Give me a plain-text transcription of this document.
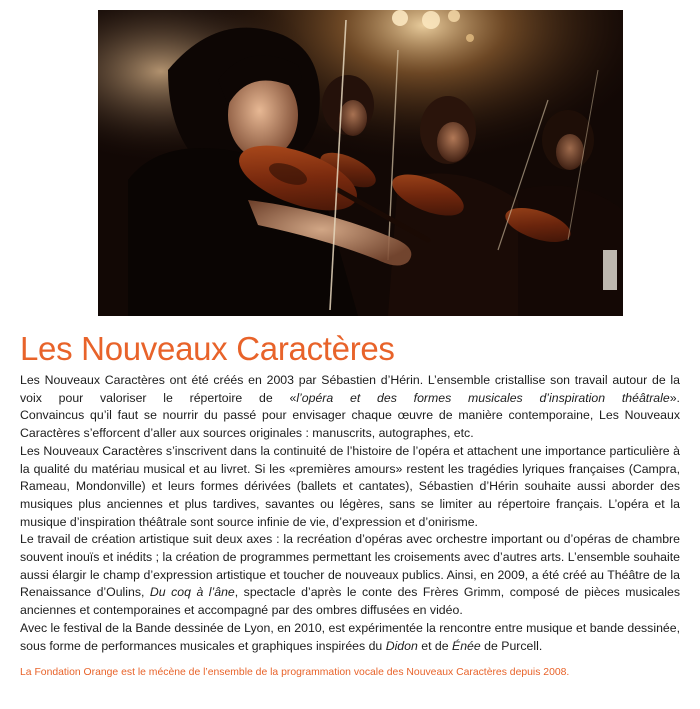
Les Nouveaux Caractères

Les Nouveaux Caractères ont été créés en 2003 par Sébastien d’Hérin. L’ensemble cristallise son travail autour de la voix pour valoriser le répertoire de «l’opéra et des formes musicales d’inspiration théâtrale».

Convaincus qu’il faut se nourrir du passé pour envisager chaque œuvre de manière contemporaine, Les Nouveaux Caractères s’efforcent d’aller aux sources originales : manuscrits, autographes, etc.

Les Nouveaux Caractères s’inscrivent dans la continuité de l’histoire de l’opéra et attachent une importance particulière à la qualité du matériau musical et au livret. Si les «premières amours» restent les tragédies lyriques françaises (Campra, Rameau, Mondonville) et leurs formes dérivées (ballets et cantates), Sébastien d’Hérin souhaite aussi aborder des musiques plus anciennes et plus tardives, savantes ou légères, sans se limiter au répertoire français. L’opéra et la musique d’inspiration théâtrale sont source infinie de vie, d’expression et d’onirisme.

Le travail de création artistique suit deux axes : la recréation d’opéras avec orchestre important ou d’opéras de chambre souvent inouïs et inédits ; la création de programmes permettant les croisements avec d’autres arts. L’ensemble souhaite aussi élargir le champ d’expression artistique et toucher de nouveaux publics. Ainsi, en 2009, a été créé au Théâtre de la Renaissance d’Oulins, Du coq à l’âne, spectacle d’après le conte des Frères Grimm, composé de pièces musicales anciennes et contemporaines et accompagné par des ombres diffusées en vidéo.

Avec le festival de la Bande dessinée de Lyon, en 2010, est expérimentée la rencontre entre musique et bande dessinée, sous forme de performances musicales et graphiques inspirées du Didon et de Énée de Purcell.

La Fondation Orange est le mécène de l’ensemble de la programmation vocale des Nouveaux Caractères depuis 2008.
